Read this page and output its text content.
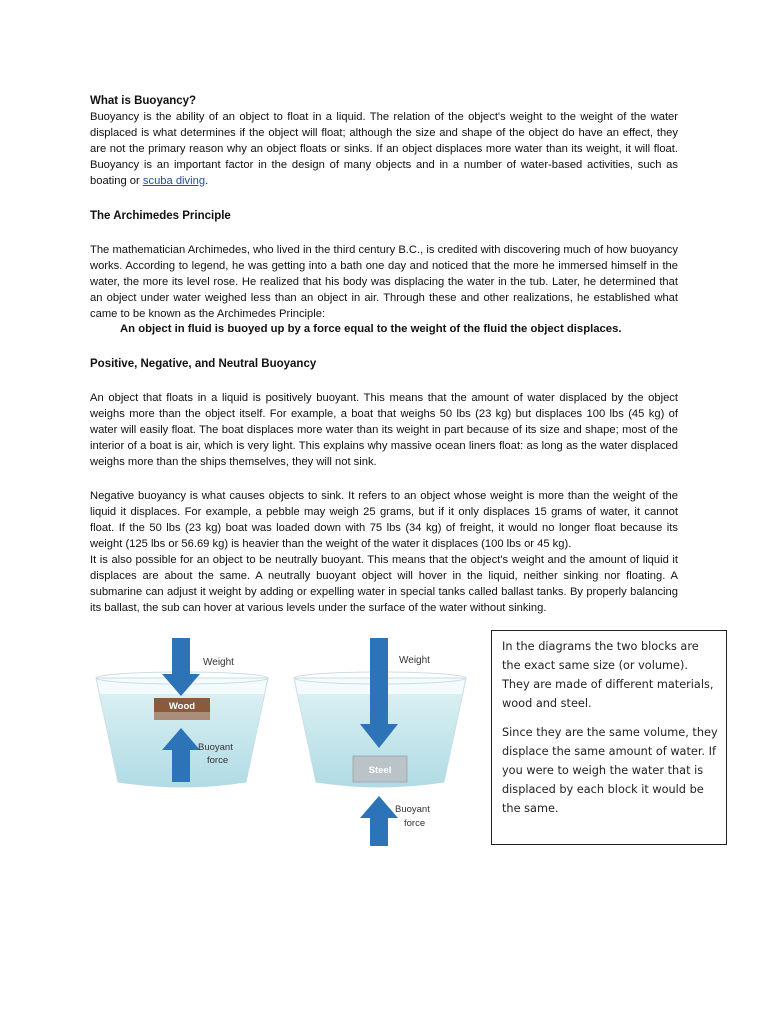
What is Buoyancy?

Buoyancy is the ability of an object to float in a liquid. The relation of the object's weight to the weight of the water displaced is what determines if the object will float; although the size and shape of the object do have an effect, they are not the primary reason why an object floats or sinks. If an object displaces more water than its weight, it will float. Buoyancy is an important factor in the design of many objects and in a number of water-based activities, such as boating or scuba diving.

The Archimedes Principle

The mathematician Archimedes, who lived in the third century B.C., is credited with discovering much of how buoyancy works. According to legend, he was getting into a bath one day and noticed that the more he immersed himself in the water, the more its level rose. He realized that his body was displacing the water in the tub. Later, he determined that an object under water weighed less than an object in air. Through these and other realizations, he established what came to be known as the Archimedes Principle:

An object in fluid is buoyed up by a force equal to the weight of the fluid the object displaces.

Positive, Negative, and Neutral Buoyancy

An object that floats in a liquid is positively buoyant. This means that the amount of water displaced by the object weighs more than the object itself. For example, a boat that weighs 50 lbs (23 kg) but displaces 100 lbs (45 kg) of water will easily float. The boat displaces more water than its weight in part because of its size and shape; most of the interior of a boat is air, which is very light. This explains why massive ocean liners float: as long as the water displaced weighs more than the ships themselves, they will not sink.

Negative buoyancy is what causes objects to sink. It refers to an object whose weight is more than the weight of the liquid it displaces. For example, a pebble may weigh 25 grams, but if it only displaces 15 grams of water, it cannot float. If the 50 lbs (23 kg) boat was loaded down with 75 lbs (34 kg) of freight, it would no longer float because its weight (125 lbs or 56.69 kg) is heavier than the weight of the water it displaces (100 lbs or 45 kg).

It is also possible for an object to be neutrally buoyant. This means that the object's weight and the amount of liquid it displaces are about the same. A neutrally buoyant object will hover in the liquid, neither sinking nor floating. A submarine can adjust it weight by adding or expelling water in special tanks called ballast tanks. By properly balancing its ballast, the sub can hover at various levels under the surface of the water without sinking.

Weight
Wood
Buoyant
force
Weight
Steel
Buoyant
force

In the diagrams the two blocks are the exact same size (or volume). They are made of different materials, wood and steel.

Since they are the same volume, they displace the same amount of water. If you were to weigh the water that is displaced by each block it would be the same.
